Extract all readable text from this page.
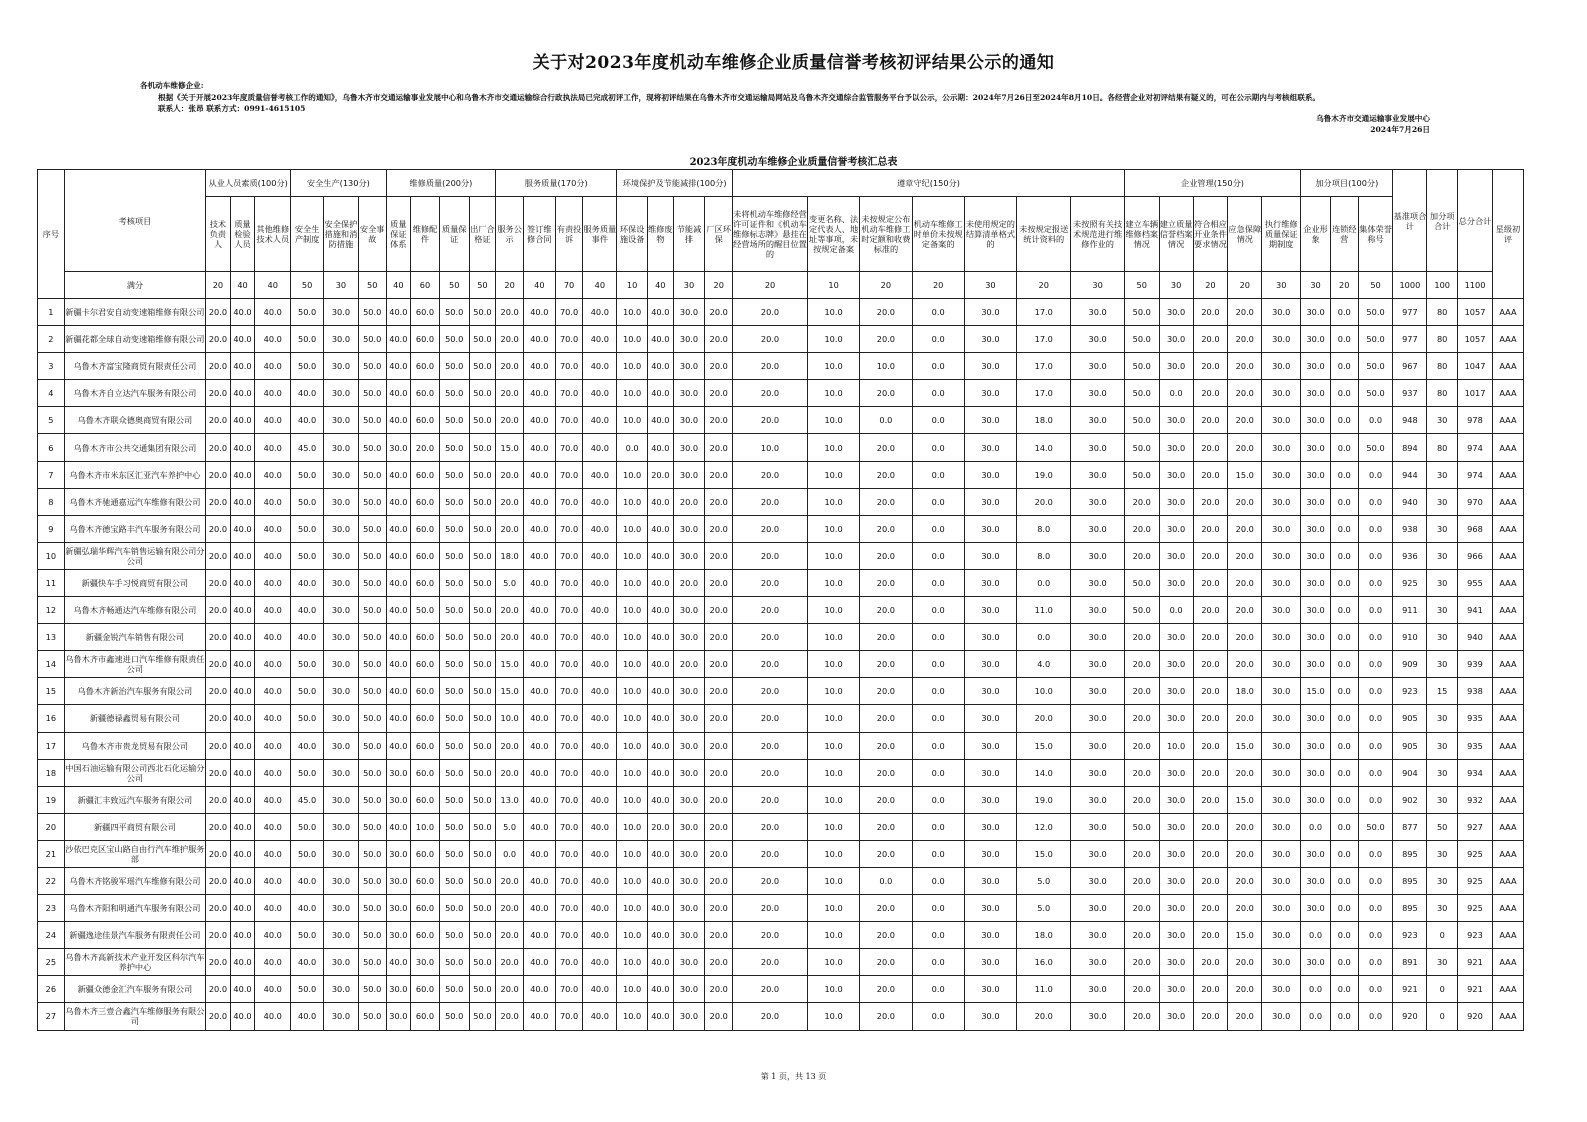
关于对2023年度机动车维修企业质量信誉考核初评结果公示的通知
各机动车维修企业:
根据《关于开展2023年度质量信誉考核工作的通知》，乌鲁木齐市交通运输事业发展中心和乌鲁木齐市交通运输综合行政执法局已完成初评工作，现将初评结果在乌鲁木齐市交通运输局网站及乌鲁木齐交通综合监管服务平台予以公示，公示期：2024年7月26日至2024年8月10日。各经营企业对初评结果有疑义的，可在公示期内与考核组联系。
联系人：张昂 联系方式：0991-4615105
乌鲁木齐市交通运输事业发展中心
2024年7月26日
2023年度机动车维修企业质量信誉考核汇总表
序号	考核项目	从业人员素质(100分)			安全生产(130分)			维修质量(200分)				服务质量(170分)				环境保护及节能减排(100分)				遵章守纪(150分)							企业管理(150分)					加分项目(100分)			基准项合计	加分项合计	总分合计	星级初评
		技术负责人	质量检验人员	其他维修技术人员	安全生产制度	安全保护措施和消防措施	安全事故	质量保证体系	维修配件	质量保证	出厂合格证	服务公示	签订维修合同	有责投诉	服务质量事件	环保设施设备	维修废物	节能减排	厂区环保	未将机动车维修经营许可证件和《机动车维修标志牌》悬挂在经营场所的醒目位置的	变更名称、法定代表人、地址等事项，未按规定备案	未按规定公布机动车维修工时定额和收费标准的	机动车维修工时单价未按规定备案的	未使用规定的结算清单格式的	未按规定报送统计资料的	未按照有关技术规范进行维修作业的	建立车辆维修档案情况	建立质量信誉档案情况	符合相应开业条件要求情况	应急保障情况	执行维修质量保证期制度	企业形象	连锁经营	集体荣誉称号				
	满分	20	40	40	50	30	50	40	60	50	50	20	40	70	40	10	40	30	20	20	10	20	20	30	20	30	50	30	20	20	30	30	20	50	1000	100	1100	
1	新疆卡尔君安自动变速箱维修有限公司	20.0	40.0	40.0	50.0	30.0	50.0	40.0	60.0	50.0	50.0	20.0	40.0	70.0	40.0	10.0	40.0	30.0	20.0	20.0	10.0	20.0	0.0	30.0	17.0	30.0	50.0	30.0	20.0	20.0	30.0	30.0	0.0	50.0	977	80	1057	AAA
2	新疆花都全球自动变速箱维修有限公司	20.0	40.0	40.0	50.0	30.0	50.0	40.0	60.0	50.0	50.0	20.0	40.0	70.0	40.0	10.0	40.0	30.0	20.0	20.0	10.0	20.0	0.0	30.0	17.0	30.0	50.0	30.0	20.0	20.0	30.0	30.0	0.0	50.0	977	80	1057	AAA
3	乌鲁木齐富宝隆商贸有限责任公司	20.0	40.0	40.0	50.0	30.0	50.0	40.0	60.0	50.0	50.0	20.0	40.0	70.0	40.0	10.0	40.0	30.0	20.0	20.0	10.0	10.0	0.0	30.0	17.0	30.0	50.0	30.0	20.0	20.0	30.0	30.0	0.0	50.0	967	80	1047	AAA
4	乌鲁木齐自立达汽车服务有限公司	20.0	40.0	40.0	40.0	30.0	50.0	40.0	60.0	50.0	50.0	20.0	40.0	70.0	40.0	10.0	40.0	30.0	20.0	20.0	10.0	20.0	0.0	30.0	17.0	30.0	50.0	0.0	20.0	20.0	30.0	30.0	0.0	50.0	937	80	1017	AAA
5	乌鲁木齐联众德奥商贸有限公司	20.0	40.0	40.0	40.0	30.0	50.0	40.0	60.0	50.0	50.0	20.0	40.0	70.0	40.0	10.0	40.0	30.0	20.0	20.0	10.0	0.0	0.0	30.0	18.0	30.0	50.0	30.0	20.0	20.0	30.0	30.0	0.0	0.0	948	30	978	AAA
6	乌鲁木齐市公共交通集团有限公司	20.0	40.0	40.0	45.0	30.0	50.0	30.0	20.0	50.0	50.0	15.0	40.0	70.0	40.0	0.0	40.0	30.0	20.0	10.0	10.0	20.0	0.0	30.0	14.0	30.0	50.0	30.0	20.0	20.0	30.0	30.0	0.0	50.0	894	80	974	AAA
7	乌鲁木齐市米东区汇亚汽车养护中心	20.0	40.0	40.0	50.0	30.0	50.0	40.0	60.0	50.0	50.0	20.0	40.0	70.0	40.0	10.0	20.0	30.0	20.0	20.0	10.0	20.0	0.0	30.0	19.0	30.0	50.0	30.0	20.0	15.0	30.0	30.0	0.0	0.0	944	30	974	AAA
8	乌鲁木齐驰通嘉远汽车维修有限公司	20.0	40.0	40.0	50.0	30.0	50.0	40.0	60.0	50.0	50.0	20.0	40.0	70.0	40.0	10.0	40.0	20.0	20.0	20.0	10.0	20.0	0.0	30.0	20.0	30.0	20.0	30.0	20.0	20.0	30.0	30.0	0.0	0.0	940	30	970	AAA
9	乌鲁木齐德宝路丰汽车服务有限公司	20.0	40.0	40.0	50.0	30.0	50.0	40.0	60.0	50.0	50.0	20.0	40.0	70.0	40.0	10.0	40.0	30.0	20.0	20.0	10.0	20.0	0.0	30.0	8.0	30.0	20.0	30.0	20.0	20.0	30.0	30.0	0.0	0.0	938	30	968	AAA
10	新疆弘瑞华辉汽车销售运输有限公司分公司	20.0	40.0	40.0	50.0	30.0	50.0	40.0	60.0	50.0	50.0	18.0	40.0	70.0	40.0	10.0	40.0	30.0	20.0	20.0	10.0	20.0	0.0	30.0	8.0	30.0	20.0	30.0	20.0	20.0	30.0	30.0	0.0	0.0	936	30	966	AAA
11	新疆快车手习悦商贸有限公司	20.0	40.0	40.0	40.0	30.0	50.0	40.0	60.0	50.0	50.0	5.0	40.0	70.0	40.0	10.0	40.0	20.0	20.0	20.0	10.0	20.0	0.0	30.0	0.0	30.0	50.0	30.0	20.0	20.0	30.0	30.0	0.0	0.0	925	30	955	AAA
12	乌鲁木齐畅通达汽车维修有限公司	20.0	40.0	40.0	40.0	30.0	50.0	40.0	50.0	50.0	50.0	20.0	40.0	70.0	40.0	10.0	40.0	30.0	20.0	20.0	10.0	20.0	0.0	30.0	11.0	30.0	50.0	0.0	20.0	20.0	30.0	30.0	0.0	0.0	911	30	941	AAA
13	新疆金锐汽车销售有限公司	20.0	40.0	40.0	40.0	30.0	50.0	40.0	60.0	50.0	50.0	20.0	40.0	70.0	40.0	10.0	40.0	30.0	20.0	20.0	10.0	20.0	0.0	30.0	0.0	30.0	20.0	30.0	20.0	20.0	30.0	30.0	0.0	0.0	910	30	940	AAA
14	乌鲁木齐市鑫速进口汽车维修有限责任公司	20.0	40.0	40.0	50.0	30.0	50.0	40.0	60.0	50.0	50.0	15.0	40.0	70.0	40.0	10.0	40.0	20.0	20.0	20.0	10.0	20.0	0.0	30.0	4.0	30.0	20.0	30.0	20.0	20.0	30.0	30.0	0.0	0.0	909	30	939	AAA
15	乌鲁木齐新治汽车服务有限公司	20.0	40.0	40.0	50.0	30.0	50.0	40.0	60.0	50.0	50.0	15.0	40.0	70.0	40.0	10.0	40.0	30.0	20.0	20.0	10.0	20.0	0.0	30.0	10.0	30.0	20.0	30.0	20.0	18.0	30.0	15.0	0.0	0.0	923	15	938	AAA
16	新疆德禄鑫贸易有限公司	20.0	40.0	40.0	50.0	30.0	50.0	40.0	60.0	50.0	50.0	10.0	40.0	70.0	40.0	10.0	40.0	30.0	20.0	20.0	10.0	20.0	0.0	30.0	20.0	30.0	20.0	30.0	20.0	20.0	30.0	30.0	0.0	0.0	905	30	935	AAA
17	乌鲁木齐市贵龙贸易有限公司	20.0	40.0	40.0	40.0	30.0	50.0	40.0	60.0	50.0	50.0	20.0	40.0	70.0	40.0	10.0	40.0	30.0	20.0	20.0	10.0	20.0	0.0	30.0	15.0	30.0	20.0	10.0	20.0	15.0	30.0	30.0	0.0	0.0	905	30	935	AAA
18	中国石油运输有限公司西北石化运输分公司	20.0	40.0	40.0	50.0	30.0	50.0	30.0	60.0	50.0	50.0	20.0	40.0	70.0	40.0	10.0	40.0	30.0	20.0	20.0	10.0	20.0	0.0	30.0	14.0	30.0	20.0	30.0	20.0	20.0	30.0	30.0	0.0	0.0	904	30	934	AAA
19	新疆汇丰致远汽车服务有限公司	20.0	40.0	40.0	45.0	30.0	50.0	30.0	60.0	50.0	50.0	13.0	40.0	70.0	40.0	10.0	40.0	30.0	20.0	20.0	10.0	20.0	0.0	30.0	19.0	30.0	20.0	30.0	20.0	15.0	30.0	30.0	0.0	0.0	902	30	932	AAA
20	新疆四平商贸有限公司	20.0	40.0	40.0	50.0	30.0	50.0	40.0	10.0	50.0	50.0	5.0	40.0	70.0	40.0	10.0	20.0	30.0	20.0	20.0	10.0	20.0	0.0	30.0	12.0	30.0	50.0	30.0	20.0	20.0	30.0	0.0	0.0	50.0	877	50	927	AAA
21	沙依巴克区宝山路自由行汽车维护服务部	20.0	40.0	40.0	50.0	30.0	50.0	30.0	60.0	50.0	50.0	0.0	40.0	70.0	40.0	10.0	40.0	30.0	20.0	20.0	10.0	20.0	0.0	30.0	15.0	30.0	20.0	30.0	20.0	20.0	30.0	30.0	0.0	0.0	895	30	925	AAA
22	乌鲁木齐铭骏军瑶汽车维修有限公司	20.0	40.0	40.0	40.0	30.0	50.0	30.0	60.0	50.0	50.0	20.0	40.0	70.0	40.0	10.0	40.0	30.0	20.0	20.0	10.0	0.0	0.0	30.0	5.0	30.0	20.0	30.0	20.0	20.0	30.0	30.0	0.0	0.0	895	30	925	AAA
23	乌鲁木齐阳和明通汽车服务有限公司	20.0	40.0	40.0	40.0	30.0	50.0	30.0	60.0	50.0	50.0	20.0	40.0	70.0	40.0	10.0	40.0	30.0	20.0	20.0	10.0	20.0	0.0	30.0	5.0	30.0	20.0	30.0	20.0	20.0	30.0	30.0	0.0	0.0	895	30	925	AAA
24	新疆逸途佳景汽车服务有限责任公司	20.0	40.0	40.0	50.0	30.0	50.0	30.0	60.0	50.0	50.0	20.0	40.0	70.0	40.0	10.0	40.0	30.0	20.0	20.0	10.0	20.0	0.0	30.0	18.0	30.0	20.0	30.0	20.0	15.0	30.0	0.0	0.0	0.0	923	0	923	AAA
25	乌鲁木齐高新技术产业开发区科尔汽车养护中心	20.0	40.0	40.0	40.0	30.0	50.0	40.0	30.0	50.0	50.0	20.0	40.0	70.0	40.0	10.0	40.0	30.0	20.0	20.0	10.0	20.0	0.0	30.0	16.0	30.0	20.0	30.0	20.0	20.0	30.0	30.0	0.0	0.0	891	30	921	AAA
26	新疆众德金汇汽车服务有限公司	20.0	40.0	40.0	50.0	30.0	50.0	30.0	60.0	50.0	50.0	20.0	40.0	70.0	40.0	10.0	40.0	30.0	20.0	20.0	10.0	20.0	0.0	30.0	11.0	30.0	20.0	30.0	20.0	20.0	30.0	0.0	0.0	0.0	921	0	921	AAA
27	乌鲁木齐三壹合鑫汽车维修服务有限公司	20.0	40.0	40.0	40.0	30.0	50.0	30.0	60.0	50.0	50.0	20.0	40.0	70.0	40.0	10.0	40.0	30.0	20.0	20.0	10.0	20.0	0.0	30.0	20.0	30.0	20.0	30.0	20.0	20.0	30.0	0.0	0.0	0.0	920	0	920	AAA
第 1 页，共 13 页
